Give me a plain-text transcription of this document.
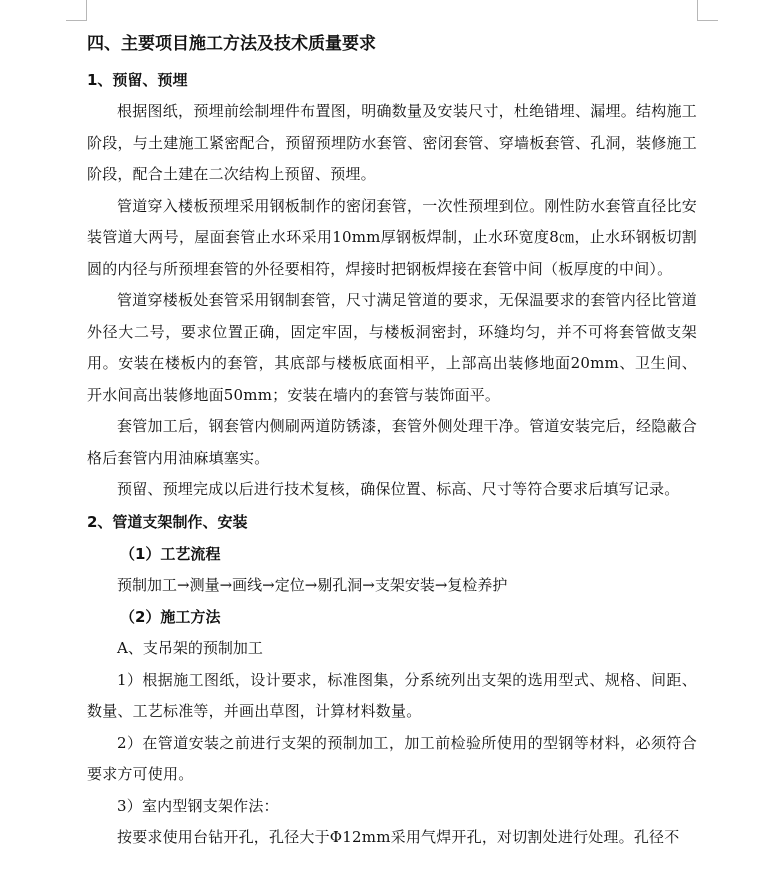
四、主要项目施工方法及技术质量要求
1、预留、预埋

根据图纸，预埋前绘制埋件布置图，明确数量及安装尺寸，杜绝错埋、漏埋。结构施工阶段，与土建施工紧密配合，预留预埋防水套管、密闭套管、穿墙板套管、孔洞，装修施工阶段，配合土建在二次结构上预留、预埋。

管道穿入楼板预埋采用钢板制作的密闭套管，一次性预埋到位。刚性防水套管直径比安装管道大两号，屋面套管止水环采用10mm厚钢板焊制，止水环宽度8㎝，止水环钢板切割圆的内径与所预埋套管的外径要相符，焊接时把钢板焊接在套管中间（板厚度的中间）。

管道穿楼板处套管采用钢制套管，尺寸满足管道的要求，无保温要求的套管内径比管道外径大二号，要求位置正确，固定牢固，与楼板洞密封，环缝均匀，并不可将套管做支架用。安装在楼板内的套管，其底部与楼板底面相平，上部高出装修地面20mm、卫生间、开水间高出装修地面50mm；安装在墙内的套管与装饰面平。

套管加工后，钢套管内侧刷两道防锈漆，套管外侧处理干净。管道安装完后，经隐蔽合格后套管内用油麻填塞实。

预留、预埋完成以后进行技术复核，确保位置、标高、尺寸等符合要求后填写记录。

2、管道支架制作、安装
（1）工艺流程
预制加工→测量→画线→定位→剔孔洞→支架安装→复检养护
（2）施工方法
A、支吊架的预制加工

1）根据施工图纸，设计要求，标准图集，分系统列出支架的选用型式、规格、间距、数量、工艺标准等，并画出草图，计算材料数量。

2）在管道安装之前进行支架的预制加工，加工前检验所使用的型钢等材料，必须符合要求方可使用。

3）室内型钢支架作法：

按要求使用台钻开孔，孔径大于Φ12mm采用气焊开孔，对切割处进行处理。孔径不
